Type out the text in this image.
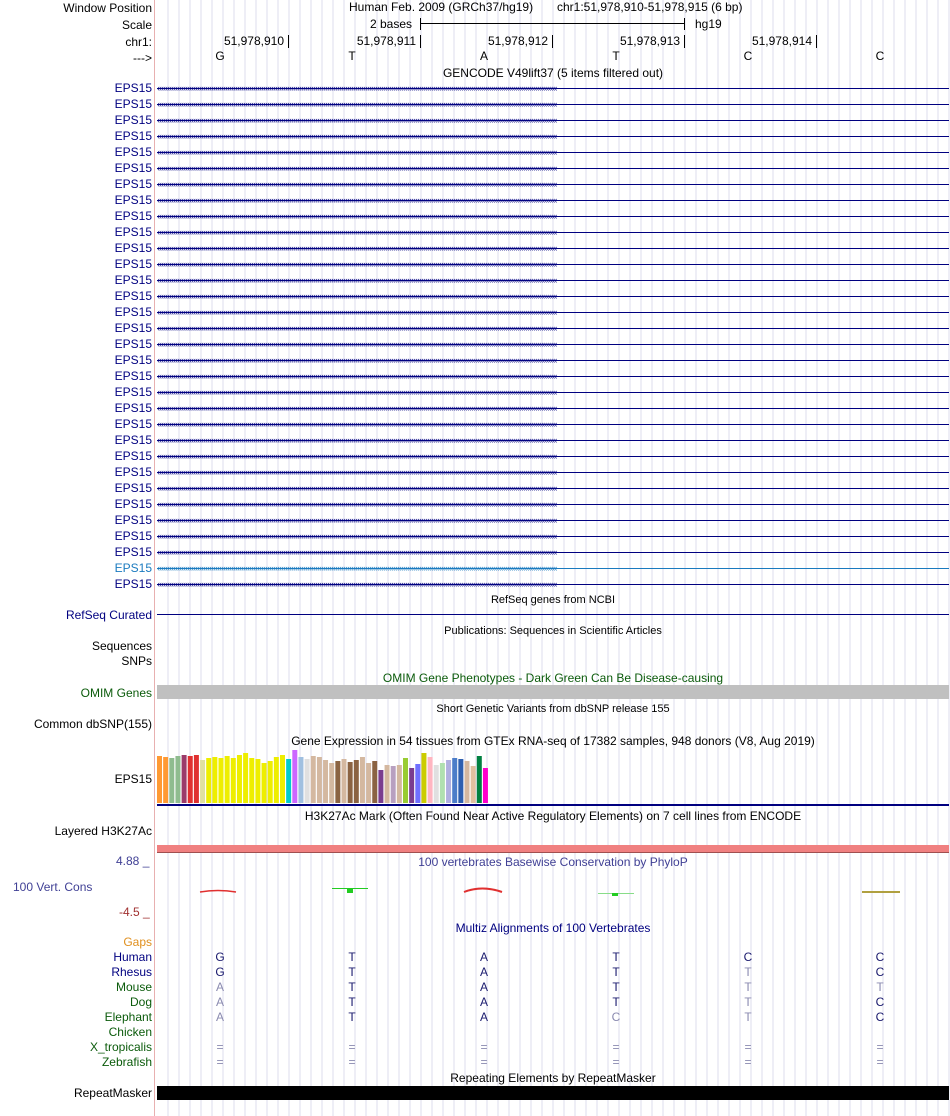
Window Position	Human Feb. 2009 (GRCh37/hg19) chr1:51,978,910-51,978,915 (6 bp)
Scale	2 bases	hg19
chr1:	51,978,910	51,978,911	51,978,912	51,978,913	51,978,914
--->	G	T	A	T	C	C
GENCODE V49lift37 (5 items filtered out)
EPS15 ‹‹‹‹‹‹‹‹‹‹‹‹‹‹‹‹‹‹‹‹‹‹‹‹‹‹‹‹‹‹‹‹‹‹‹‹‹‹‹‹‹‹‹‹‹‹‹‹‹‹‹‹‹‹‹‹‹‹‹‹‹‹‹‹‹‹‹‹‹‹‹‹‹‹‹‹‹‹‹‹‹‹‹‹‹‹‹‹‹‹‹‹‹‹‹‹‹‹‹‹‹‹‹‹‹‹‹‹‹‹‹‹‹‹‹‹‹‹‹‹‹‹‹‹‹‹‹‹‹‹‹‹‹‹‹‹‹‹‹‹‹‹‹‹‹‹‹‹‹‹‹‹‹‹‹‹‹‹‹‹‹‹‹‹‹‹‹‹‹‹‹‹‹‹‹‹‹‹‹‹‹‹‹‹‹‹‹‹‹‹‹‹‹‹‹‹‹‹‹‹
EPS15 ‹‹‹‹‹‹‹‹‹‹‹‹‹‹‹‹‹‹‹‹‹‹‹‹‹‹‹‹‹‹‹‹‹‹‹‹‹‹‹‹‹‹‹‹‹‹‹‹‹‹‹‹‹‹‹‹‹‹‹‹‹‹‹‹‹‹‹‹‹‹‹‹‹‹‹‹‹‹‹‹‹‹‹‹‹‹‹‹‹‹‹‹‹‹‹‹‹‹‹‹‹‹‹‹‹‹‹‹‹‹‹‹‹‹‹‹‹‹‹‹‹‹‹‹‹‹‹‹‹‹‹‹‹‹‹‹‹‹‹‹‹‹‹‹‹‹‹‹‹‹‹‹‹‹‹‹‹‹‹‹‹‹‹‹‹‹‹‹‹‹‹‹‹‹‹‹‹‹‹‹‹‹‹‹‹‹‹‹‹‹‹‹‹‹‹‹‹‹‹‹
EPS15 ‹‹‹‹‹‹‹‹‹‹‹‹‹‹‹‹‹‹‹‹‹‹‹‹‹‹‹‹‹‹‹‹‹‹‹‹‹‹‹‹‹‹‹‹‹‹‹‹‹‹‹‹‹‹‹‹‹‹‹‹‹‹‹‹‹‹‹‹‹‹‹‹‹‹‹‹‹‹‹‹‹‹‹‹‹‹‹‹‹‹‹‹‹‹‹‹‹‹‹‹‹‹‹‹‹‹‹‹‹‹‹‹‹‹‹‹‹‹‹‹‹‹‹‹‹‹‹‹‹‹‹‹‹‹‹‹‹‹‹‹‹‹‹‹‹‹‹‹‹‹‹‹‹‹‹‹‹‹‹‹‹‹‹‹‹‹‹‹‹‹‹‹‹‹‹‹‹‹‹‹‹‹‹‹‹‹‹‹‹‹‹‹‹‹‹‹‹‹‹‹
EPS15 ‹‹‹‹‹‹‹‹‹‹‹‹‹‹‹‹‹‹‹‹‹‹‹‹‹‹‹‹‹‹‹‹‹‹‹‹‹‹‹‹‹‹‹‹‹‹‹‹‹‹‹‹‹‹‹‹‹‹‹‹‹‹‹‹‹‹‹‹‹‹‹‹‹‹‹‹‹‹‹‹‹‹‹‹‹‹‹‹‹‹‹‹‹‹‹‹‹‹‹‹‹‹‹‹‹‹‹‹‹‹‹‹‹‹‹‹‹‹‹‹‹‹‹‹‹‹‹‹‹‹‹‹‹‹‹‹‹‹‹‹‹‹‹‹‹‹‹‹‹‹‹‹‹‹‹‹‹‹‹‹‹‹‹‹‹‹‹‹‹‹‹‹‹‹‹‹‹‹‹‹‹‹‹‹‹‹‹‹‹‹‹‹‹‹‹‹‹‹‹‹
EPS15 ‹‹‹‹‹‹‹‹‹‹‹‹‹‹‹‹‹‹‹‹‹‹‹‹‹‹‹‹‹‹‹‹‹‹‹‹‹‹‹‹‹‹‹‹‹‹‹‹‹‹‹‹‹‹‹‹‹‹‹‹‹‹‹‹‹‹‹‹‹‹‹‹‹‹‹‹‹‹‹‹‹‹‹‹‹‹‹‹‹‹‹‹‹‹‹‹‹‹‹‹‹‹‹‹‹‹‹‹‹‹‹‹‹‹‹‹‹‹‹‹‹‹‹‹‹‹‹‹‹‹‹‹‹‹‹‹‹‹‹‹‹‹‹‹‹‹‹‹‹‹‹‹‹‹‹‹‹‹‹‹‹‹‹‹‹‹‹‹‹‹‹‹‹‹‹‹‹‹‹‹‹‹‹‹‹‹‹‹‹‹‹‹‹‹‹‹‹‹‹‹
EPS15 ‹‹‹‹‹‹‹‹‹‹‹‹‹‹‹‹‹‹‹‹‹‹‹‹‹‹‹‹‹‹‹‹‹‹‹‹‹‹‹‹‹‹‹‹‹‹‹‹‹‹‹‹‹‹‹‹‹‹‹‹‹‹‹‹‹‹‹‹‹‹‹‹‹‹‹‹‹‹‹‹‹‹‹‹‹‹‹‹‹‹‹‹‹‹‹‹‹‹‹‹‹‹‹‹‹‹‹‹‹‹‹‹‹‹‹‹‹‹‹‹‹‹‹‹‹‹‹‹‹‹‹‹‹‹‹‹‹‹‹‹‹‹‹‹‹‹‹‹‹‹‹‹‹‹‹‹‹‹‹‹‹‹‹‹‹‹‹‹‹‹‹‹‹‹‹‹‹‹‹‹‹‹‹‹‹‹‹‹‹‹‹‹‹‹‹‹‹‹‹‹
EPS15 ‹‹‹‹‹‹‹‹‹‹‹‹‹‹‹‹‹‹‹‹‹‹‹‹‹‹‹‹‹‹‹‹‹‹‹‹‹‹‹‹‹‹‹‹‹‹‹‹‹‹‹‹‹‹‹‹‹‹‹‹‹‹‹‹‹‹‹‹‹‹‹‹‹‹‹‹‹‹‹‹‹‹‹‹‹‹‹‹‹‹‹‹‹‹‹‹‹‹‹‹‹‹‹‹‹‹‹‹‹‹‹‹‹‹‹‹‹‹‹‹‹‹‹‹‹‹‹‹‹‹‹‹‹‹‹‹‹‹‹‹‹‹‹‹‹‹‹‹‹‹‹‹‹‹‹‹‹‹‹‹‹‹‹‹‹‹‹‹‹‹‹‹‹‹‹‹‹‹‹‹‹‹‹‹‹‹‹‹‹‹‹‹‹‹‹‹‹‹‹‹
EPS15 ‹‹‹‹‹‹‹‹‹‹‹‹‹‹‹‹‹‹‹‹‹‹‹‹‹‹‹‹‹‹‹‹‹‹‹‹‹‹‹‹‹‹‹‹‹‹‹‹‹‹‹‹‹‹‹‹‹‹‹‹‹‹‹‹‹‹‹‹‹‹‹‹‹‹‹‹‹‹‹‹‹‹‹‹‹‹‹‹‹‹‹‹‹‹‹‹‹‹‹‹‹‹‹‹‹‹‹‹‹‹‹‹‹‹‹‹‹‹‹‹‹‹‹‹‹‹‹‹‹‹‹‹‹‹‹‹‹‹‹‹‹‹‹‹‹‹‹‹‹‹‹‹‹‹‹‹‹‹‹‹‹‹‹‹‹‹‹‹‹‹‹‹‹‹‹‹‹‹‹‹‹‹‹‹‹‹‹‹‹‹‹‹‹‹‹‹‹‹‹‹
EPS15 ‹‹‹‹‹‹‹‹‹‹‹‹‹‹‹‹‹‹‹‹‹‹‹‹‹‹‹‹‹‹‹‹‹‹‹‹‹‹‹‹‹‹‹‹‹‹‹‹‹‹‹‹‹‹‹‹‹‹‹‹‹‹‹‹‹‹‹‹‹‹‹‹‹‹‹‹‹‹‹‹‹‹‹‹‹‹‹‹‹‹‹‹‹‹‹‹‹‹‹‹‹‹‹‹‹‹‹‹‹‹‹‹‹‹‹‹‹‹‹‹‹‹‹‹‹‹‹‹‹‹‹‹‹‹‹‹‹‹‹‹‹‹‹‹‹‹‹‹‹‹‹‹‹‹‹‹‹‹‹‹‹‹‹‹‹‹‹‹‹‹‹‹‹‹‹‹‹‹‹‹‹‹‹‹‹‹‹‹‹‹‹‹‹‹‹‹‹‹‹‹
EPS15 ‹‹‹‹‹‹‹‹‹‹‹‹‹‹‹‹‹‹‹‹‹‹‹‹‹‹‹‹‹‹‹‹‹‹‹‹‹‹‹‹‹‹‹‹‹‹‹‹‹‹‹‹‹‹‹‹‹‹‹‹‹‹‹‹‹‹‹‹‹‹‹‹‹‹‹‹‹‹‹‹‹‹‹‹‹‹‹‹‹‹‹‹‹‹‹‹‹‹‹‹‹‹‹‹‹‹‹‹‹‹‹‹‹‹‹‹‹‹‹‹‹‹‹‹‹‹‹‹‹‹‹‹‹‹‹‹‹‹‹‹‹‹‹‹‹‹‹‹‹‹‹‹‹‹‹‹‹‹‹‹‹‹‹‹‹‹‹‹‹‹‹‹‹‹‹‹‹‹‹‹‹‹‹‹‹‹‹‹‹‹‹‹‹‹‹‹‹‹‹‹
EPS15 ‹‹‹‹‹‹‹‹‹‹‹‹‹‹‹‹‹‹‹‹‹‹‹‹‹‹‹‹‹‹‹‹‹‹‹‹‹‹‹‹‹‹‹‹‹‹‹‹‹‹‹‹‹‹‹‹‹‹‹‹‹‹‹‹‹‹‹‹‹‹‹‹‹‹‹‹‹‹‹‹‹‹‹‹‹‹‹‹‹‹‹‹‹‹‹‹‹‹‹‹‹‹‹‹‹‹‹‹‹‹‹‹‹‹‹‹‹‹‹‹‹‹‹‹‹‹‹‹‹‹‹‹‹‹‹‹‹‹‹‹‹‹‹‹‹‹‹‹‹‹‹‹‹‹‹‹‹‹‹‹‹‹‹‹‹‹‹‹‹‹‹‹‹‹‹‹‹‹‹‹‹‹‹‹‹‹‹‹‹‹‹‹‹‹‹‹‹‹‹‹
EPS15 ‹‹‹‹‹‹‹‹‹‹‹‹‹‹‹‹‹‹‹‹‹‹‹‹‹‹‹‹‹‹‹‹‹‹‹‹‹‹‹‹‹‹‹‹‹‹‹‹‹‹‹‹‹‹‹‹‹‹‹‹‹‹‹‹‹‹‹‹‹‹‹‹‹‹‹‹‹‹‹‹‹‹‹‹‹‹‹‹‹‹‹‹‹‹‹‹‹‹‹‹‹‹‹‹‹‹‹‹‹‹‹‹‹‹‹‹‹‹‹‹‹‹‹‹‹‹‹‹‹‹‹‹‹‹‹‹‹‹‹‹‹‹‹‹‹‹‹‹‹‹‹‹‹‹‹‹‹‹‹‹‹‹‹‹‹‹‹‹‹‹‹‹‹‹‹‹‹‹‹‹‹‹‹‹‹‹‹‹‹‹‹‹‹‹‹‹‹‹‹‹
EPS15 ‹‹‹‹‹‹‹‹‹‹‹‹‹‹‹‹‹‹‹‹‹‹‹‹‹‹‹‹‹‹‹‹‹‹‹‹‹‹‹‹‹‹‹‹‹‹‹‹‹‹‹‹‹‹‹‹‹‹‹‹‹‹‹‹‹‹‹‹‹‹‹‹‹‹‹‹‹‹‹‹‹‹‹‹‹‹‹‹‹‹‹‹‹‹‹‹‹‹‹‹‹‹‹‹‹‹‹‹‹‹‹‹‹‹‹‹‹‹‹‹‹‹‹‹‹‹‹‹‹‹‹‹‹‹‹‹‹‹‹‹‹‹‹‹‹‹‹‹‹‹‹‹‹‹‹‹‹‹‹‹‹‹‹‹‹‹‹‹‹‹‹‹‹‹‹‹‹‹‹‹‹‹‹‹‹‹‹‹‹‹‹‹‹‹‹‹‹‹‹‹
EPS15 ‹‹‹‹‹‹‹‹‹‹‹‹‹‹‹‹‹‹‹‹‹‹‹‹‹‹‹‹‹‹‹‹‹‹‹‹‹‹‹‹‹‹‹‹‹‹‹‹‹‹‹‹‹‹‹‹‹‹‹‹‹‹‹‹‹‹‹‹‹‹‹‹‹‹‹‹‹‹‹‹‹‹‹‹‹‹‹‹‹‹‹‹‹‹‹‹‹‹‹‹‹‹‹‹‹‹‹‹‹‹‹‹‹‹‹‹‹‹‹‹‹‹‹‹‹‹‹‹‹‹‹‹‹‹‹‹‹‹‹‹‹‹‹‹‹‹‹‹‹‹‹‹‹‹‹‹‹‹‹‹‹‹‹‹‹‹‹‹‹‹‹‹‹‹‹‹‹‹‹‹‹‹‹‹‹‹‹‹‹‹‹‹‹‹‹‹‹‹‹‹
EPS15 ‹‹‹‹‹‹‹‹‹‹‹‹‹‹‹‹‹‹‹‹‹‹‹‹‹‹‹‹‹‹‹‹‹‹‹‹‹‹‹‹‹‹‹‹‹‹‹‹‹‹‹‹‹‹‹‹‹‹‹‹‹‹‹‹‹‹‹‹‹‹‹‹‹‹‹‹‹‹‹‹‹‹‹‹‹‹‹‹‹‹‹‹‹‹‹‹‹‹‹‹‹‹‹‹‹‹‹‹‹‹‹‹‹‹‹‹‹‹‹‹‹‹‹‹‹‹‹‹‹‹‹‹‹‹‹‹‹‹‹‹‹‹‹‹‹‹‹‹‹‹‹‹‹‹‹‹‹‹‹‹‹‹‹‹‹‹‹‹‹‹‹‹‹‹‹‹‹‹‹‹‹‹‹‹‹‹‹‹‹‹‹‹‹‹‹‹‹‹‹‹
EPS15 ‹‹‹‹‹‹‹‹‹‹‹‹‹‹‹‹‹‹‹‹‹‹‹‹‹‹‹‹‹‹‹‹‹‹‹‹‹‹‹‹‹‹‹‹‹‹‹‹‹‹‹‹‹‹‹‹‹‹‹‹‹‹‹‹‹‹‹‹‹‹‹‹‹‹‹‹‹‹‹‹‹‹‹‹‹‹‹‹‹‹‹‹‹‹‹‹‹‹‹‹‹‹‹‹‹‹‹‹‹‹‹‹‹‹‹‹‹‹‹‹‹‹‹‹‹‹‹‹‹‹‹‹‹‹‹‹‹‹‹‹‹‹‹‹‹‹‹‹‹‹‹‹‹‹‹‹‹‹‹‹‹‹‹‹‹‹‹‹‹‹‹‹‹‹‹‹‹‹‹‹‹‹‹‹‹‹‹‹‹‹‹‹‹‹‹‹‹‹‹‹
EPS15 ‹‹‹‹‹‹‹‹‹‹‹‹‹‹‹‹‹‹‹‹‹‹‹‹‹‹‹‹‹‹‹‹‹‹‹‹‹‹‹‹‹‹‹‹‹‹‹‹‹‹‹‹‹‹‹‹‹‹‹‹‹‹‹‹‹‹‹‹‹‹‹‹‹‹‹‹‹‹‹‹‹‹‹‹‹‹‹‹‹‹‹‹‹‹‹‹‹‹‹‹‹‹‹‹‹‹‹‹‹‹‹‹‹‹‹‹‹‹‹‹‹‹‹‹‹‹‹‹‹‹‹‹‹‹‹‹‹‹‹‹‹‹‹‹‹‹‹‹‹‹‹‹‹‹‹‹‹‹‹‹‹‹‹‹‹‹‹‹‹‹‹‹‹‹‹‹‹‹‹‹‹‹‹‹‹‹‹‹‹‹‹‹‹‹‹‹‹‹‹‹
EPS15 ‹‹‹‹‹‹‹‹‹‹‹‹‹‹‹‹‹‹‹‹‹‹‹‹‹‹‹‹‹‹‹‹‹‹‹‹‹‹‹‹‹‹‹‹‹‹‹‹‹‹‹‹‹‹‹‹‹‹‹‹‹‹‹‹‹‹‹‹‹‹‹‹‹‹‹‹‹‹‹‹‹‹‹‹‹‹‹‹‹‹‹‹‹‹‹‹‹‹‹‹‹‹‹‹‹‹‹‹‹‹‹‹‹‹‹‹‹‹‹‹‹‹‹‹‹‹‹‹‹‹‹‹‹‹‹‹‹‹‹‹‹‹‹‹‹‹‹‹‹‹‹‹‹‹‹‹‹‹‹‹‹‹‹‹‹‹‹‹‹‹‹‹‹‹‹‹‹‹‹‹‹‹‹‹‹‹‹‹‹‹‹‹‹‹‹‹‹‹‹‹
EPS15 ‹‹‹‹‹‹‹‹‹‹‹‹‹‹‹‹‹‹‹‹‹‹‹‹‹‹‹‹‹‹‹‹‹‹‹‹‹‹‹‹‹‹‹‹‹‹‹‹‹‹‹‹‹‹‹‹‹‹‹‹‹‹‹‹‹‹‹‹‹‹‹‹‹‹‹‹‹‹‹‹‹‹‹‹‹‹‹‹‹‹‹‹‹‹‹‹‹‹‹‹‹‹‹‹‹‹‹‹‹‹‹‹‹‹‹‹‹‹‹‹‹‹‹‹‹‹‹‹‹‹‹‹‹‹‹‹‹‹‹‹‹‹‹‹‹‹‹‹‹‹‹‹‹‹‹‹‹‹‹‹‹‹‹‹‹‹‹‹‹‹‹‹‹‹‹‹‹‹‹‹‹‹‹‹‹‹‹‹‹‹‹‹‹‹‹‹‹‹‹‹
EPS15 ‹‹‹‹‹‹‹‹‹‹‹‹‹‹‹‹‹‹‹‹‹‹‹‹‹‹‹‹‹‹‹‹‹‹‹‹‹‹‹‹‹‹‹‹‹‹‹‹‹‹‹‹‹‹‹‹‹‹‹‹‹‹‹‹‹‹‹‹‹‹‹‹‹‹‹‹‹‹‹‹‹‹‹‹‹‹‹‹‹‹‹‹‹‹‹‹‹‹‹‹‹‹‹‹‹‹‹‹‹‹‹‹‹‹‹‹‹‹‹‹‹‹‹‹‹‹‹‹‹‹‹‹‹‹‹‹‹‹‹‹‹‹‹‹‹‹‹‹‹‹‹‹‹‹‹‹‹‹‹‹‹‹‹‹‹‹‹‹‹‹‹‹‹‹‹‹‹‹‹‹‹‹‹‹‹‹‹‹‹‹‹‹‹‹‹‹‹‹‹‹
EPS15 ‹‹‹‹‹‹‹‹‹‹‹‹‹‹‹‹‹‹‹‹‹‹‹‹‹‹‹‹‹‹‹‹‹‹‹‹‹‹‹‹‹‹‹‹‹‹‹‹‹‹‹‹‹‹‹‹‹‹‹‹‹‹‹‹‹‹‹‹‹‹‹‹‹‹‹‹‹‹‹‹‹‹‹‹‹‹‹‹‹‹‹‹‹‹‹‹‹‹‹‹‹‹‹‹‹‹‹‹‹‹‹‹‹‹‹‹‹‹‹‹‹‹‹‹‹‹‹‹‹‹‹‹‹‹‹‹‹‹‹‹‹‹‹‹‹‹‹‹‹‹‹‹‹‹‹‹‹‹‹‹‹‹‹‹‹‹‹‹‹‹‹‹‹‹‹‹‹‹‹‹‹‹‹‹‹‹‹‹‹‹‹‹‹‹‹‹‹‹‹‹
EPS15 ‹‹‹‹‹‹‹‹‹‹‹‹‹‹‹‹‹‹‹‹‹‹‹‹‹‹‹‹‹‹‹‹‹‹‹‹‹‹‹‹‹‹‹‹‹‹‹‹‹‹‹‹‹‹‹‹‹‹‹‹‹‹‹‹‹‹‹‹‹‹‹‹‹‹‹‹‹‹‹‹‹‹‹‹‹‹‹‹‹‹‹‹‹‹‹‹‹‹‹‹‹‹‹‹‹‹‹‹‹‹‹‹‹‹‹‹‹‹‹‹‹‹‹‹‹‹‹‹‹‹‹‹‹‹‹‹‹‹‹‹‹‹‹‹‹‹‹‹‹‹‹‹‹‹‹‹‹‹‹‹‹‹‹‹‹‹‹‹‹‹‹‹‹‹‹‹‹‹‹‹‹‹‹‹‹‹‹‹‹‹‹‹‹‹‹‹‹‹‹‹
EPS15 ‹‹‹‹‹‹‹‹‹‹‹‹‹‹‹‹‹‹‹‹‹‹‹‹‹‹‹‹‹‹‹‹‹‹‹‹‹‹‹‹‹‹‹‹‹‹‹‹‹‹‹‹‹‹‹‹‹‹‹‹‹‹‹‹‹‹‹‹‹‹‹‹‹‹‹‹‹‹‹‹‹‹‹‹‹‹‹‹‹‹‹‹‹‹‹‹‹‹‹‹‹‹‹‹‹‹‹‹‹‹‹‹‹‹‹‹‹‹‹‹‹‹‹‹‹‹‹‹‹‹‹‹‹‹‹‹‹‹‹‹‹‹‹‹‹‹‹‹‹‹‹‹‹‹‹‹‹‹‹‹‹‹‹‹‹‹‹‹‹‹‹‹‹‹‹‹‹‹‹‹‹‹‹‹‹‹‹‹‹‹‹‹‹‹‹‹‹‹‹‹
EPS15 ‹‹‹‹‹‹‹‹‹‹‹‹‹‹‹‹‹‹‹‹‹‹‹‹‹‹‹‹‹‹‹‹‹‹‹‹‹‹‹‹‹‹‹‹‹‹‹‹‹‹‹‹‹‹‹‹‹‹‹‹‹‹‹‹‹‹‹‹‹‹‹‹‹‹‹‹‹‹‹‹‹‹‹‹‹‹‹‹‹‹‹‹‹‹‹‹‹‹‹‹‹‹‹‹‹‹‹‹‹‹‹‹‹‹‹‹‹‹‹‹‹‹‹‹‹‹‹‹‹‹‹‹‹‹‹‹‹‹‹‹‹‹‹‹‹‹‹‹‹‹‹‹‹‹‹‹‹‹‹‹‹‹‹‹‹‹‹‹‹‹‹‹‹‹‹‹‹‹‹‹‹‹‹‹‹‹‹‹‹‹‹‹‹‹‹‹‹‹‹‹
EPS15 ‹‹‹‹‹‹‹‹‹‹‹‹‹‹‹‹‹‹‹‹‹‹‹‹‹‹‹‹‹‹‹‹‹‹‹‹‹‹‹‹‹‹‹‹‹‹‹‹‹‹‹‹‹‹‹‹‹‹‹‹‹‹‹‹‹‹‹‹‹‹‹‹‹‹‹‹‹‹‹‹‹‹‹‹‹‹‹‹‹‹‹‹‹‹‹‹‹‹‹‹‹‹‹‹‹‹‹‹‹‹‹‹‹‹‹‹‹‹‹‹‹‹‹‹‹‹‹‹‹‹‹‹‹‹‹‹‹‹‹‹‹‹‹‹‹‹‹‹‹‹‹‹‹‹‹‹‹‹‹‹‹‹‹‹‹‹‹‹‹‹‹‹‹‹‹‹‹‹‹‹‹‹‹‹‹‹‹‹‹‹‹‹‹‹‹‹‹‹‹‹
EPS15 ‹‹‹‹‹‹‹‹‹‹‹‹‹‹‹‹‹‹‹‹‹‹‹‹‹‹‹‹‹‹‹‹‹‹‹‹‹‹‹‹‹‹‹‹‹‹‹‹‹‹‹‹‹‹‹‹‹‹‹‹‹‹‹‹‹‹‹‹‹‹‹‹‹‹‹‹‹‹‹‹‹‹‹‹‹‹‹‹‹‹‹‹‹‹‹‹‹‹‹‹‹‹‹‹‹‹‹‹‹‹‹‹‹‹‹‹‹‹‹‹‹‹‹‹‹‹‹‹‹‹‹‹‹‹‹‹‹‹‹‹‹‹‹‹‹‹‹‹‹‹‹‹‹‹‹‹‹‹‹‹‹‹‹‹‹‹‹‹‹‹‹‹‹‹‹‹‹‹‹‹‹‹‹‹‹‹‹‹‹‹‹‹‹‹‹‹‹‹‹‹
EPS15 ‹‹‹‹‹‹‹‹‹‹‹‹‹‹‹‹‹‹‹‹‹‹‹‹‹‹‹‹‹‹‹‹‹‹‹‹‹‹‹‹‹‹‹‹‹‹‹‹‹‹‹‹‹‹‹‹‹‹‹‹‹‹‹‹‹‹‹‹‹‹‹‹‹‹‹‹‹‹‹‹‹‹‹‹‹‹‹‹‹‹‹‹‹‹‹‹‹‹‹‹‹‹‹‹‹‹‹‹‹‹‹‹‹‹‹‹‹‹‹‹‹‹‹‹‹‹‹‹‹‹‹‹‹‹‹‹‹‹‹‹‹‹‹‹‹‹‹‹‹‹‹‹‹‹‹‹‹‹‹‹‹‹‹‹‹‹‹‹‹‹‹‹‹‹‹‹‹‹‹‹‹‹‹‹‹‹‹‹‹‹‹‹‹‹‹‹‹‹‹‹
EPS15 ‹‹‹‹‹‹‹‹‹‹‹‹‹‹‹‹‹‹‹‹‹‹‹‹‹‹‹‹‹‹‹‹‹‹‹‹‹‹‹‹‹‹‹‹‹‹‹‹‹‹‹‹‹‹‹‹‹‹‹‹‹‹‹‹‹‹‹‹‹‹‹‹‹‹‹‹‹‹‹‹‹‹‹‹‹‹‹‹‹‹‹‹‹‹‹‹‹‹‹‹‹‹‹‹‹‹‹‹‹‹‹‹‹‹‹‹‹‹‹‹‹‹‹‹‹‹‹‹‹‹‹‹‹‹‹‹‹‹‹‹‹‹‹‹‹‹‹‹‹‹‹‹‹‹‹‹‹‹‹‹‹‹‹‹‹‹‹‹‹‹‹‹‹‹‹‹‹‹‹‹‹‹‹‹‹‹‹‹‹‹‹‹‹‹‹‹‹‹‹‹
EPS15 ‹‹‹‹‹‹‹‹‹‹‹‹‹‹‹‹‹‹‹‹‹‹‹‹‹‹‹‹‹‹‹‹‹‹‹‹‹‹‹‹‹‹‹‹‹‹‹‹‹‹‹‹‹‹‹‹‹‹‹‹‹‹‹‹‹‹‹‹‹‹‹‹‹‹‹‹‹‹‹‹‹‹‹‹‹‹‹‹‹‹‹‹‹‹‹‹‹‹‹‹‹‹‹‹‹‹‹‹‹‹‹‹‹‹‹‹‹‹‹‹‹‹‹‹‹‹‹‹‹‹‹‹‹‹‹‹‹‹‹‹‹‹‹‹‹‹‹‹‹‹‹‹‹‹‹‹‹‹‹‹‹‹‹‹‹‹‹‹‹‹‹‹‹‹‹‹‹‹‹‹‹‹‹‹‹‹‹‹‹‹‹‹‹‹‹‹‹‹‹‹
EPS15 ‹‹‹‹‹‹‹‹‹‹‹‹‹‹‹‹‹‹‹‹‹‹‹‹‹‹‹‹‹‹‹‹‹‹‹‹‹‹‹‹‹‹‹‹‹‹‹‹‹‹‹‹‹‹‹‹‹‹‹‹‹‹‹‹‹‹‹‹‹‹‹‹‹‹‹‹‹‹‹‹‹‹‹‹‹‹‹‹‹‹‹‹‹‹‹‹‹‹‹‹‹‹‹‹‹‹‹‹‹‹‹‹‹‹‹‹‹‹‹‹‹‹‹‹‹‹‹‹‹‹‹‹‹‹‹‹‹‹‹‹‹‹‹‹‹‹‹‹‹‹‹‹‹‹‹‹‹‹‹‹‹‹‹‹‹‹‹‹‹‹‹‹‹‹‹‹‹‹‹‹‹‹‹‹‹‹‹‹‹‹‹‹‹‹‹‹‹‹‹‹
EPS15 ‹‹‹‹‹‹‹‹‹‹‹‹‹‹‹‹‹‹‹‹‹‹‹‹‹‹‹‹‹‹‹‹‹‹‹‹‹‹‹‹‹‹‹‹‹‹‹‹‹‹‹‹‹‹‹‹‹‹‹‹‹‹‹‹‹‹‹‹‹‹‹‹‹‹‹‹‹‹‹‹‹‹‹‹‹‹‹‹‹‹‹‹‹‹‹‹‹‹‹‹‹‹‹‹‹‹‹‹‹‹‹‹‹‹‹‹‹‹‹‹‹‹‹‹‹‹‹‹‹‹‹‹‹‹‹‹‹‹‹‹‹‹‹‹‹‹‹‹‹‹‹‹‹‹‹‹‹‹‹‹‹‹‹‹‹‹‹‹‹‹‹‹‹‹‹‹‹‹‹‹‹‹‹‹‹‹‹‹‹‹‹‹‹‹‹‹‹‹‹‹
EPS15 ‹‹‹‹‹‹‹‹‹‹‹‹‹‹‹‹‹‹‹‹‹‹‹‹‹‹‹‹‹‹‹‹‹‹‹‹‹‹‹‹‹‹‹‹‹‹‹‹‹‹‹‹‹‹‹‹‹‹‹‹‹‹‹‹‹‹‹‹‹‹‹‹‹‹‹‹‹‹‹‹‹‹‹‹‹‹‹‹‹‹‹‹‹‹‹‹‹‹‹‹‹‹‹‹‹‹‹‹‹‹‹‹‹‹‹‹‹‹‹‹‹‹‹‹‹‹‹‹‹‹‹‹‹‹‹‹‹‹‹‹‹‹‹‹‹‹‹‹‹‹‹‹‹‹‹‹‹‹‹‹‹‹‹‹‹‹‹‹‹‹‹‹‹‹‹‹‹‹‹‹‹‹‹‹‹‹‹‹‹‹‹‹‹‹‹‹‹‹‹‹
RefSeq genes from NCBI
RefSeq Curated
Publications: Sequences in Scientific Articles
Sequences
SNPs
OMIM Gene Phenotypes - Dark Green Can Be Disease-causing
OMIM Genes
Short Genetic Variants from dbSNP release 155
Common dbSNP(155)
Gene Expression in 54 tissues from GTEx RNA-seq of 17382 samples, 948 donors (V8, Aug 2019)
EPS15
H3K27Ac Mark (Often Found Near Active Regulatory Elements) on 7 cell lines from ENCODE
Layered H3K27Ac
4.88 _	100 vertebrates Basewise Conservation by PhyloP
100 Vert. Cons
-4.5 _
Multiz Alignments of 100 Vertebrates
Gaps
Human	G	T	A	T	C	C
Rhesus	G	T	A	T	T	C
Mouse	A	T	A	T	T	T
Dog	A	T	A	T	T	C
Elephant	A	T	A	C	T	C
Chicken
X_tropicalis	=	=	=	=	=	=
Zebrafish	=	=	=	=	=	=
Repeating Elements by RepeatMasker
RepeatMasker
